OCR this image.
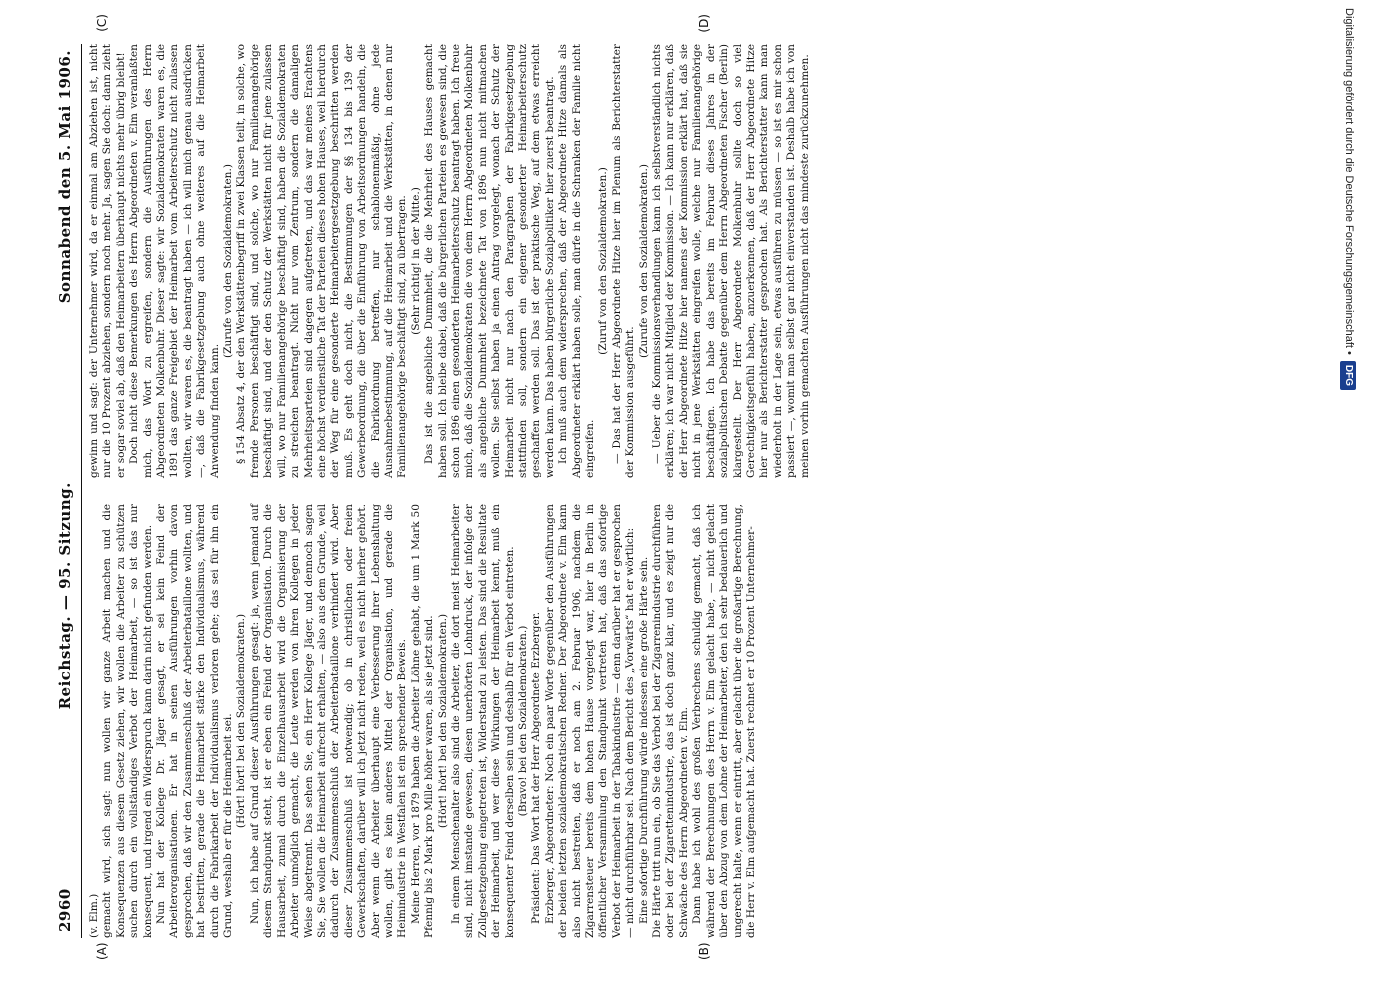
2960
Reichstag. — 95. Sitzung.
Sonnabend den 5. Mai 1906.

(v. Elm.) gemacht wird, sich sagt: nun wollen wir ganze Arbeit machen und die Konsequenzen aus diesem Gesetz ziehen, wir wollen die Arbeiter zu schützen suchen durch ein vollständiges Verbot der Heimarbeit, — so ist das nur konsequent, und irgend ein Widerspruch kann darin nicht gefunden werden. Nun hat der Kollege Dr. Jäger gesagt, er sei kein Feind der Arbeiterorganisationen. Er hat in seinen Ausführungen vorhin davon gesprochen, daß wir den Zusammenschluß der Arbeiterbataillone wollten, und hat bestritten, gerade die Heimarbeit stärke den Individualismus, während durch die Fabrikarbeit der Individualismus verloren gehe; das sei für ihn ein Grund, weshalb er für die Heimarbeit sei. (Hört! hört! bei den Sozialdemokraten.) Nun, ich habe auf Grund dieser Ausführungen gesagt: ja, wenn jemand auf diesem Standpunkt steht, ist er eben ein Feind der Organisation. Durch die Hausarbeit, zumal durch die Einzelhausarbeit wird die Organisierung der Arbeiter unmöglich gemacht, die Leute werden von ihren Kollegen in jeder Weise abgetrennt. Das sehen Sie, ein Herr Kollege Jäger, und dennoch sagen Sie, Sie wollen die Heimarbeit aufrecht erhalten, — also aus dem Grunde, weil dadurch der Zusammenschluß der Arbeiterbataillone verhindert wird. Aber dieser Zusammenschluß ist notwendig; ob in christlichen oder freien Gewerkschaften, darüber will ich jetzt nicht reden, weil es nicht hierher gehört. Aber wenn die Arbeiter überhaupt eine Verbesserung ihrer Lebenshaltung wollen, gibt es kein anderes Mittel der Organisation, und gerade die Heimindustrie in Westfalen ist ein sprechender Beweis. Meine Herren, vor 1879 haben die Arbeiter Löhne gehabt, die um 1 Mark 50 Pfennig bis 2 Mark pro Mille höher waren, als sie jetzt sind. (Hört! hört! bei den Sozialdemokraten.) In einem Menschenalter also sind die Arbeiter, die dort meist Heimarbeiter sind, nicht imstande gewesen, diesen unerhörten Lohndruck, der infolge der Zollgesetzgebung eingetreten ist, Widerstand zu leisten. Das sind die Resultate der Heimarbeit, und wer diese Wirkungen der Heimarbeit kennt, muß ein konsequenter Feind derselben sein und deshalb für ein Verbot eintreten. (Bravo! bei den Sozialdemokraten.) Präsident: Das Wort hat der Herr Abgeordnete Erzberger. Erzberger, Abgeordneter: Noch ein paar Worte gegenüber den Ausführungen der beiden letzten sozialdemokratischen Redner. Der Abgeordnete v. Elm kann also nicht bestreiten, daß er noch am 2. Februar 1906, nachdem die Zigarrensteuer bereits dem hohen Hause vorgelegt war, hier in Berlin in öffentlicher Versammlung den Standpunkt vertreten hat, daß das sofortige Verbot der Heimarbeit in der Tabakindustrie — denn darüber hat er gesprochen — nicht durchführbar sei. Nach dem Bericht des „Vorwärts“ hat er wörtlich: Eine sofortige Durchführung würde indessen eine große Härte sein. Die Härte tritt nun ein, ob Sie das Verbot bei der Zigarrenindustrie durchführen oder bei der Zigarettenindustrie, das ist doch ganz klar, und es zeigt nur die Schwäche des Herrn Abgeordneten v. Elm. Dann habe ich wohl des großen Verbrechens schuldig gemacht, daß ich während der Berechnungen des Herrn v. Elm gelacht habe, — nicht gelacht über den Abzug von dem Lohne der Heimarbeiter, den ich sehr bedauerlich und ungerecht halte, wenn er eintritt, aber gelacht über die großartige Berechnung, die Herr v. Elm aufgemacht hat. Zuerst rechnet er 10 Prozent Unternehmer-

(A)	(B)

gewinn und sagt: der Unternehmer wird, da er einmal am Abziehen ist, nicht nur die 10 Prozent abziehen, sondern noch mehr. Ja, sagen Sie doch: dann zieht er sogar soviel ab, daß den Heimarbeitern überhaupt nichts mehr übrig bleibt! Doch nicht diese Bemerkungen des Herrn Abgeordneten v. Elm veranlaßten mich, das Wort zu ergreifen, sondern die Ausführungen des Herrn Abgeordneten Molkenbuhr. Dieser sagte: wir Sozialdemokraten waren es, die 1891 das ganze Freigebiet der Heimarbeit vom Arbeiterschutz nicht zulassen wollten, wir waren es, die beantragt haben — ich will mich genau ausdrücken —, daß die Fabrikgesetzgebung auch ohne weiteres auf die Heimarbeit Anwendung finden kann.

(Zurufe von den Sozialdemokraten.) § 154 Absatz 4, der den Werkstättenbegriff in zwei Klassen teilt, in solche, wo fremde Personen beschäftigt sind, und solche, wo nur Familienangehörige beschäftigt sind, und der den Schutz der Werkstätten nicht für jene zulassen will, wo nur Familienangehörige beschäftigt sind, haben die Sozialdemokraten zu streichen beantragt. Nicht nur vom Zentrum, sondern die damaligen Mehrheitsparteien sind dagegen aufgetreten, und das war meines Erachtens eine höchst verdienstliche Tat der Parteien dieses hohen Hauses, weil hierdurch der Weg für eine gesonderte Heimarbeitergesetzgebung beschritten werden muß. Es geht doch nicht, die Bestimmungen der §§ 134 bis 139 der Gewerbeordnung, die über die Einführung von Arbeitsordnungen handeln, die die Fabrikordnung betreffen, nur schablonenmäßig, ohne jede Ausnahmebestimmung, auf die Heimarbeit und die Werkstätten, in denen nur Familienangehörige beschäftigt sind, zu übertragen. (Sehr richtig! in der Mitte.) Das ist die angebliche Dummheit, die die Mehrheit des Hauses gemacht haben soll. Ich bleibe dabei, daß die bürgerlichen Parteien es gewesen sind, die schon 1896 einen gesonderten Heimarbeiterschutz beantragt haben. Ich freue mich, daß die Sozialdemokraten die von dem Herrn Abgeordneten Molkenbuhr als angebliche Dummheit bezeichnete Tat von 1896 nun nicht mitmachen wollen. Sie selbst haben ja einen Antrag vorgelegt, wonach der Schutz der Heimarbeit nicht nur nach den Paragraphen der Fabrikgesetzgebung stattfinden soll, sondern ein eigener gesonderter Heimarbeiterschutz geschaffen werden soll. Das ist der praktische Weg, auf dem etwas erreicht werden kann. Das haben bürgerliche Sozialpolitiker hier zuerst beantragt. Ich muß auch dem widersprechen, daß der Abgeordnete Hitze damals als Abgeordneter erklärt haben solle, man dürfe in die Schranken der Familie nicht eingreifen.

(Zuruf von den Sozialdemokraten.) — Das hat der Herr Abgeordnete Hitze hier im Plenum als Berichterstatter der Kommission ausgeführt.

(Zurufe von den Sozialdemokraten.) — Ueber die Kommissionsverhandlungen kann ich selbstverständlich nichts erklären; ich war nicht Mitglied der Kommission. — Ich kann nur erklären, daß der Herr Abgeordnete Hitze hier namens der Kommission erklärt hat, daß sie nicht in jene Werkstätten eingreifen wolle, welche nur Familienangehörige beschäftigen. Ich habe das bereits im Februar dieses Jahres in der sozialpolitischen Debatte gegenüber dem Herrn Abgeordneten Fischer (Berlin) klargestellt. Der Herr Abgeordnete Molkenbuhr sollte doch so viel Gerechtigkeitsgefühl haben, anzuerkennen, daß der Herr Abgeordnete Hitze hier nur als Berichterstatter gesprochen hat. Als Berichterstatter kann man wiederholt in der Lage sein, etwas ausführen zu müssen — so ist es mir schon passiert —, womit man selbst gar nicht einverstanden ist. Deshalb habe ich von meinen vorhin gemachten Ausführungen nicht das mindeste zurückzunehmen.

(C)	(D)	Digitalisierung gefördert durch die Deutsche Forschungsgemeinschaft •
DFG
